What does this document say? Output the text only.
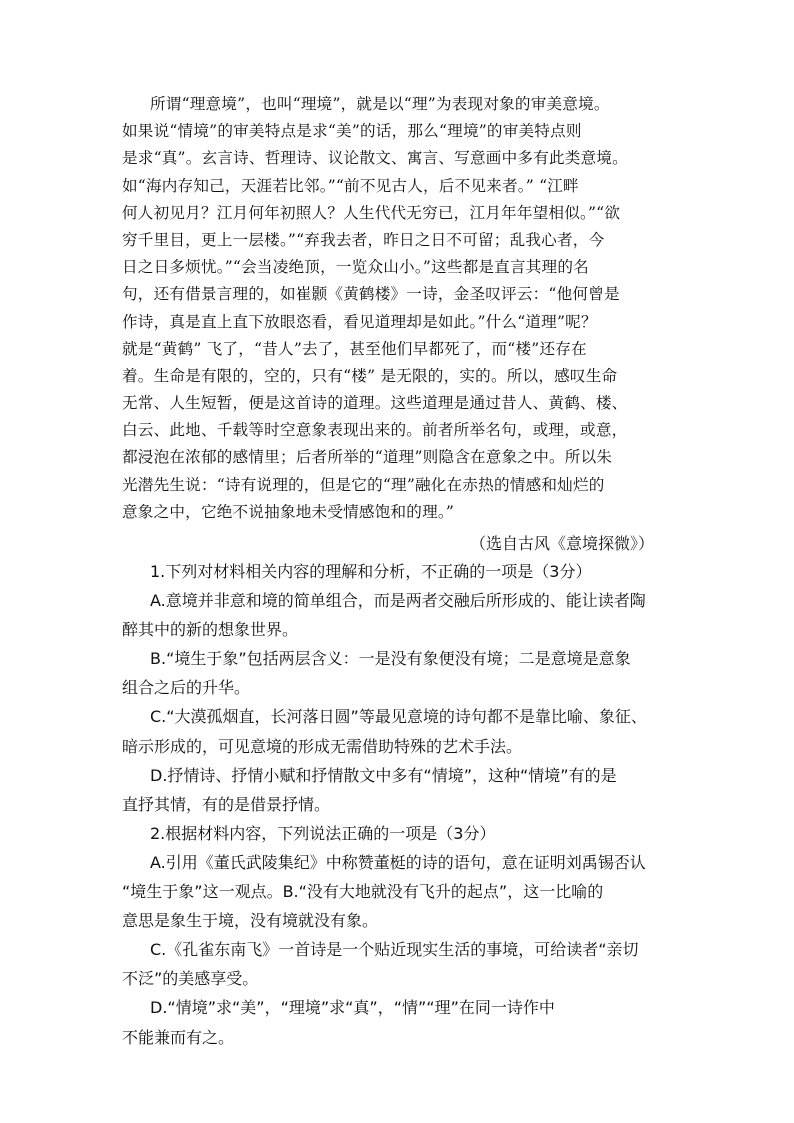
所谓“理意境”，也叫“理境”，就是以“理”为表现对象的审美意境。
如果说“情境”的审美特点是求“美”的话，那么“理境”的审美特点则
是求“真”。玄言诗、哲理诗、议论散文、寓言、写意画中多有此类意境。
如“海内存知己，天涯若比邻。”“前不见古人，后不见来者。” “江畔
何人初见月？江月何年初照人？人生代代无穷已，江月年年望相似。”“欲
穷千里目，更上一层楼。”“弃我去者，昨日之日不可留；乱我心者，今
日之日多烦忧。”“会当凌绝顶，一览众山小。”这些都是直言其理的名
句，还有借景言理的，如崔颢《黄鹤楼》一诗，金圣叹评云：“他何曾是
作诗，真是直上直下放眼恣看，看见道理却是如此。”什么“道理”呢？
就是“黄鹤” 飞了，“昔人”去了，甚至他们早都死了，而“楼”还存在
着。生命是有限的，空的，只有“楼” 是无限的，实的。所以，感叹生命
无常、人生短暂，便是这首诗的道理。这些道理是通过昔人、黄鹤、楼、
白云、此地、千载等时空意象表现出来的。前者所举名句，或理，或意，
都浸泡在浓郁的感情里；后者所举的“道理”则隐含在意象之中。所以朱
光潜先生说：“诗有说理的，但是它的“理”融化在赤热的情感和灿烂的
意象之中，它绝不说抽象地未受情感饱和的理。”
（选自古风《意境探微》）
1.下列对材料相关内容的理解和分析，不正确的一项是（3分）
A.意境并非意和境的简单组合，而是两者交融后所形成的、能让读者陶
醉其中的新的想象世界。
B.“境生于象”包括两层含义：一是没有象便没有境；二是意境是意象
组合之后的升华。
C.“大漠孤烟直，长河落日圆”等最见意境的诗句都不是靠比喻、象征、
暗示形成的，可见意境的形成无需借助特殊的艺术手法。
D.抒情诗、抒情小赋和抒情散文中多有“情境”，这种“情境”有的是
直抒其情，有的是借景抒情。
2.根据材料内容，下列说法正确的一项是（3分）
A.引用《董氏武陵集纪》中称赞董梃的诗的语句，意在证明刘禹锡否认
“境生于象”这一观点。B.“没有大地就没有飞升的起点”，这一比喻的
意思是象生于境，没有境就没有象。
C.《孔雀东南飞》一首诗是一个贴近现实生活的事境，可给读者“亲切
不泛”的美感享受。
D.“情境”求“美”，“理境”求“真”，“情”“理”在同一诗作中
不能兼而有之。
